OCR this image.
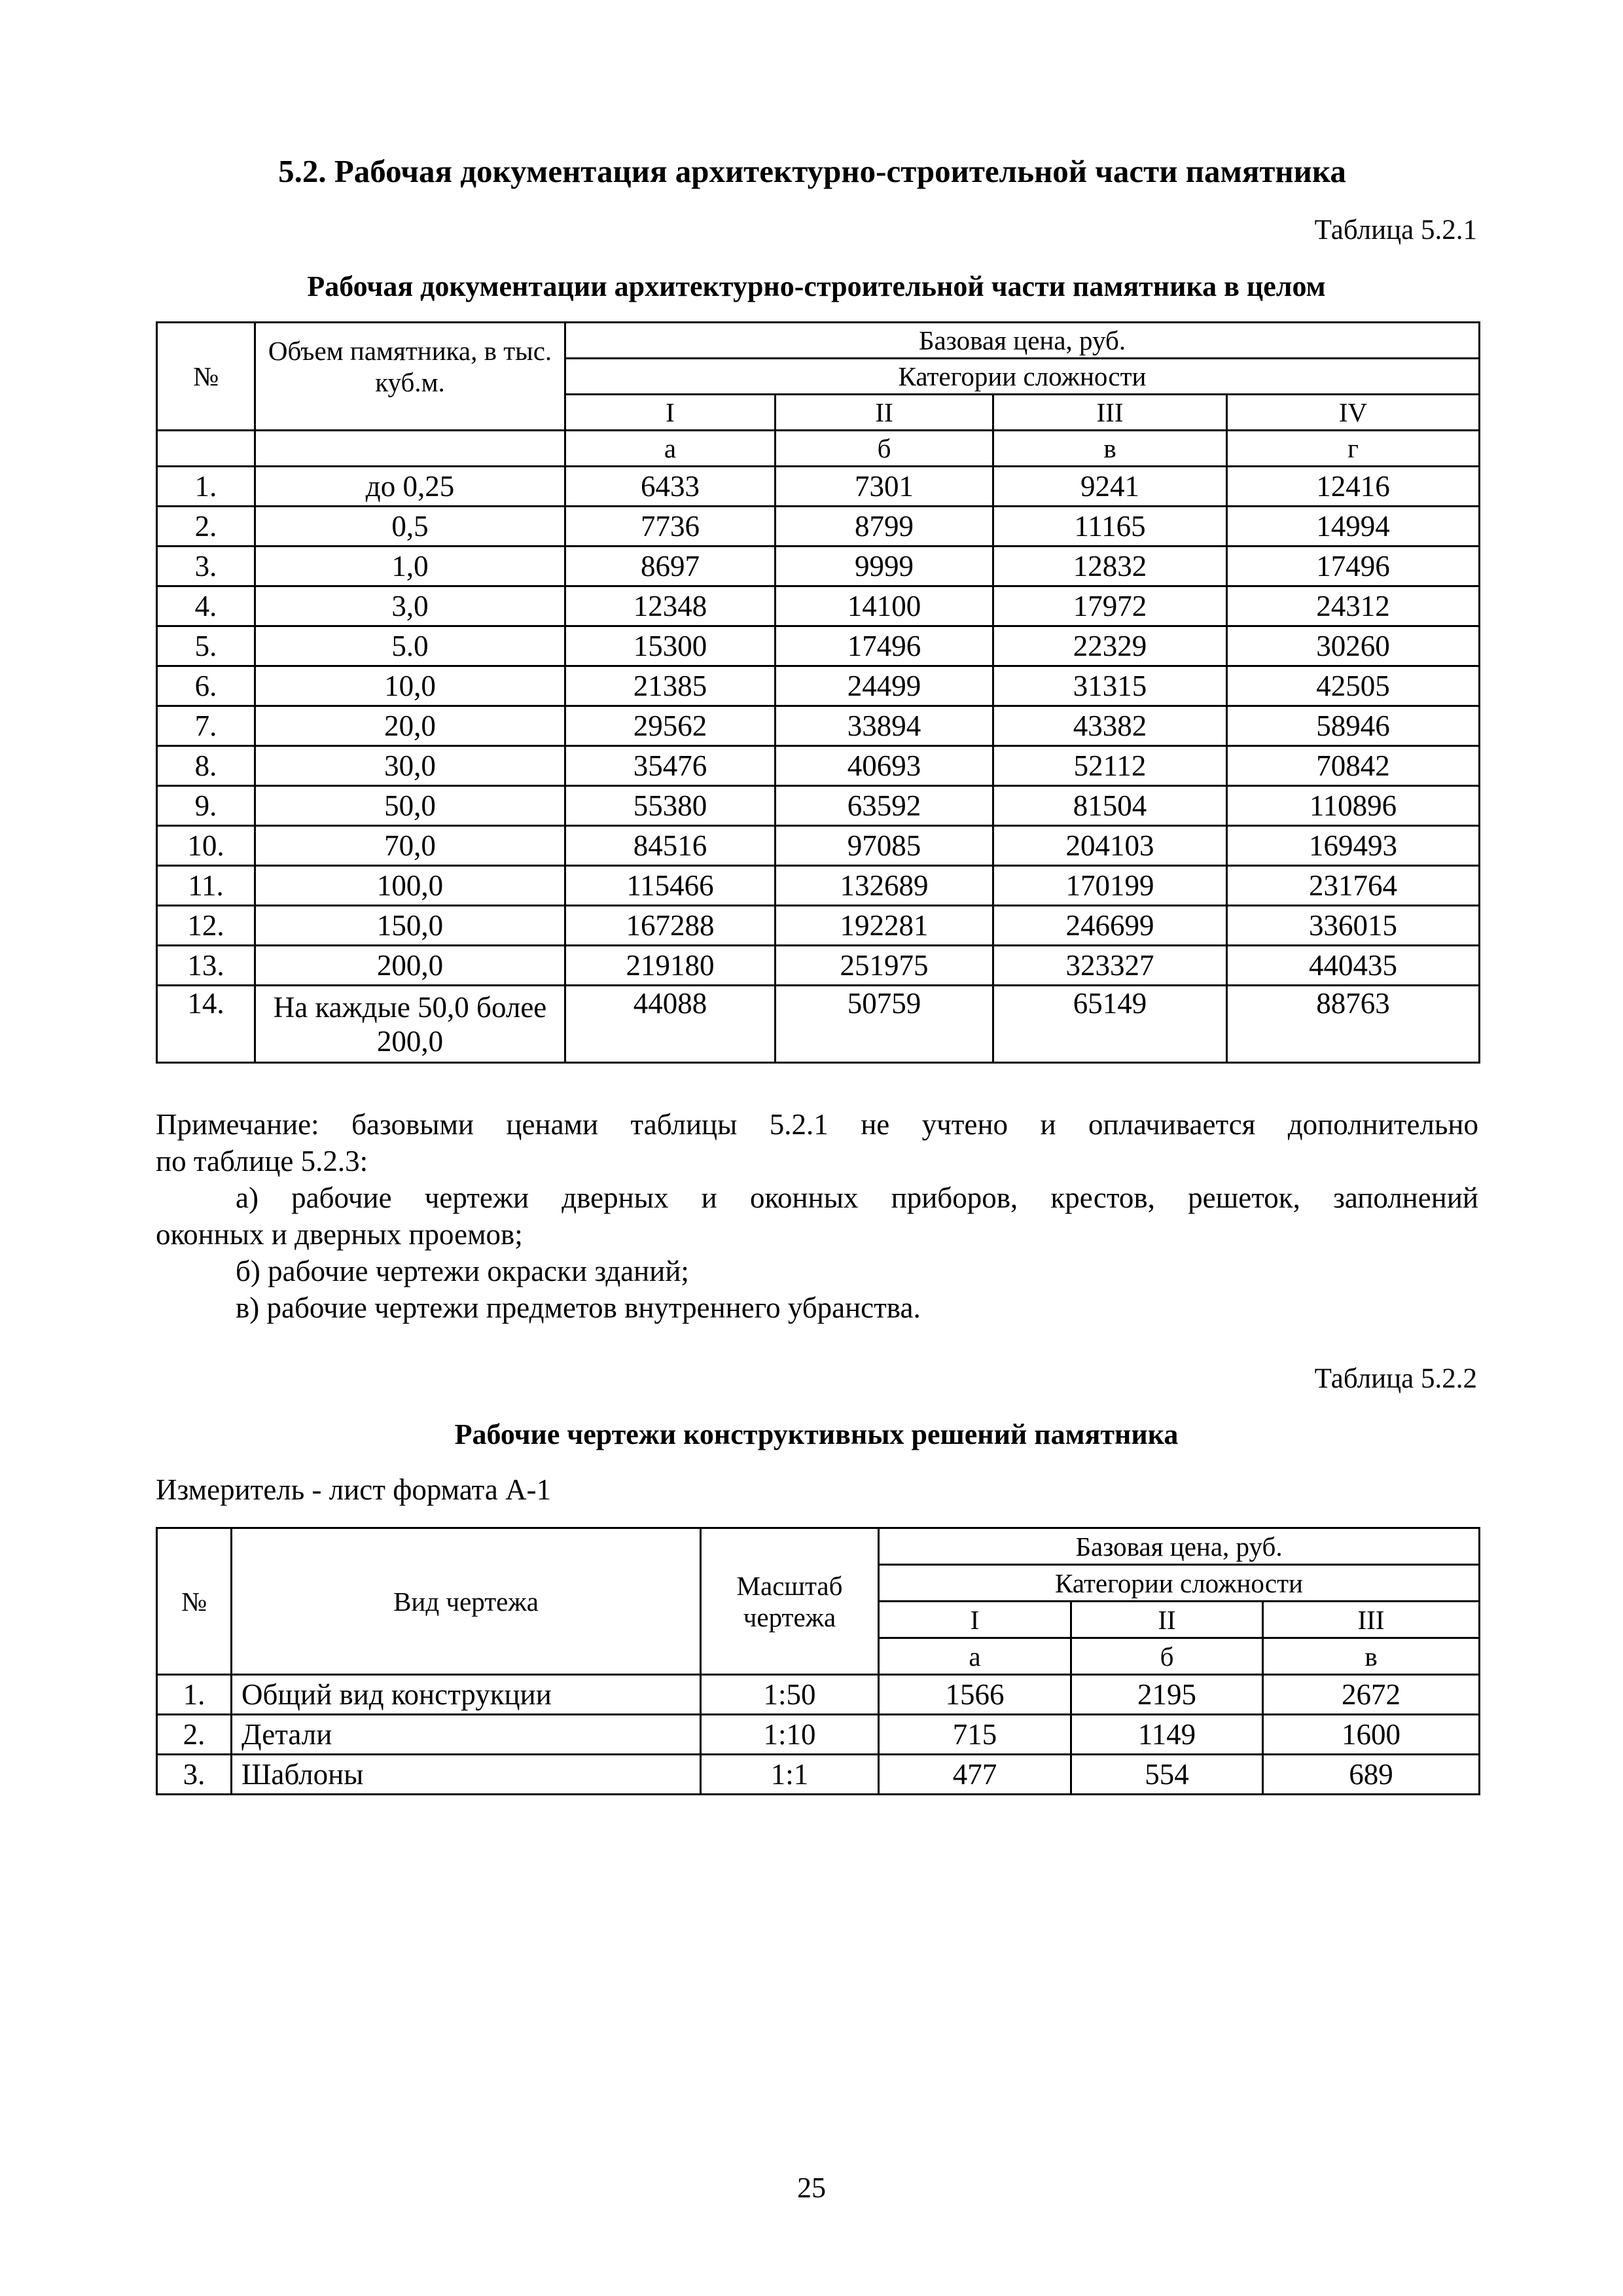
5.2. Рабочая документация архитектурно-строительной части памятника

Таблица 5.2.1

Рабочая документации архитектурно-строительной части памятника в целом

№	Объем памятника, в тыс. куб.м.	Базовая цена, руб.			
		Категории сложности			
		I	II	III	IV
		а	б	в	г
1.	до 0,25	6433	7301	9241	12416
2.	0,5	7736	8799	11165	14994
3.	1,0	8697	9999	12832	17496
4.	3,0	12348	14100	17972	24312
5.	5.0	15300	17496	22329	30260
6.	10,0	21385	24499	31315	42505
7.	20,0	29562	33894	43382	58946
8.	30,0	35476	40693	52112	70842
9.	50,0	55380	63592	81504	110896
10.	70,0	84516	97085	204103	169493
11.	100,0	115466	132689	170199	231764
12.	150,0	167288	192281	246699	336015
13.	200,0	219180	251975	323327	440435
14.	На каждые 50,0 более 200,0	44088	50759	65149	88763

Примечание: базовыми ценами таблицы 5.2.1 не учтено и оплачивается дополнительно

по таблице 5.2.3:

а) рабочие чертежи дверных и оконных приборов, крестов, решеток, заполнений

оконных и дверных проемов;

б) рабочие чертежи окраски зданий;

в) рабочие чертежи предметов внутреннего убранства.

Таблица 5.2.2

Рабочие чертежи конструктивных решений памятника

Измеритель - лист формата А-1

№	Вид чертежа	Масштаб чертежа	Базовая цена, руб.		
			Категории сложности		
			I	II	III
			а	б	в
1.	Общий вид конструкции	1:50	1566	2195	2672
2.	Детали	1:10	715	1149	1600
3.	Шаблоны	1:1	477	554	689

25
